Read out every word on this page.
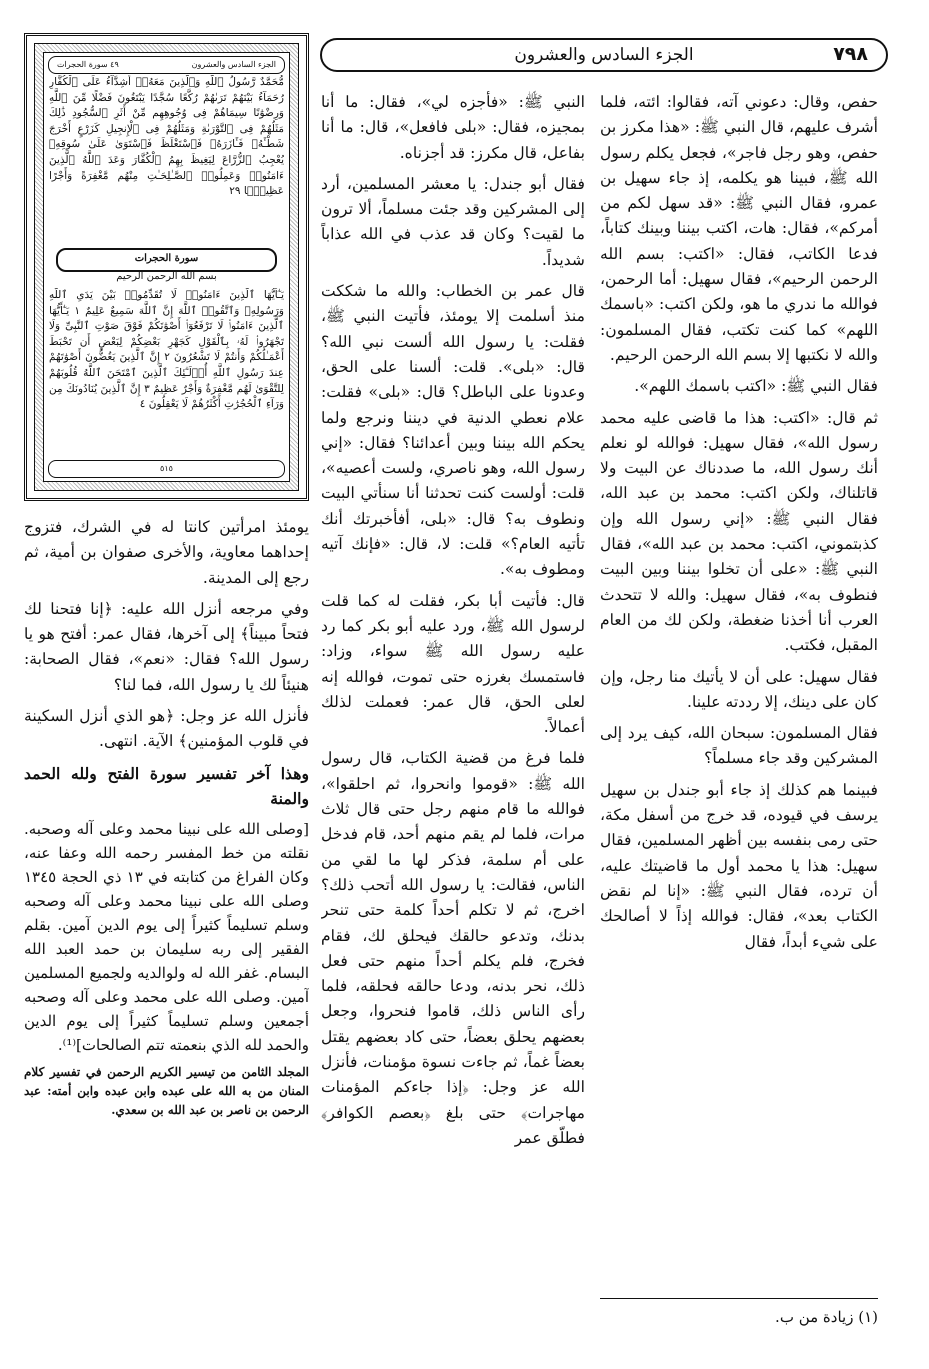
٧٩٨
الجزء السادس والعشرون
الجزء السادس والعشرون
٤٩ سورة الحجرات
مُّحَمَّدٌ رَّسُولُ ٱللَّهِ وَٱلَّذِينَ مَعَهُۥٓ أَشِدَّآءُ عَلَى ٱلْكُفَّارِ رُحَمَآءُ بَيْنَهُمْ تَرَىٰهُمْ رُكَّعًا سُجَّدًا يَبْتَغُونَ فَضْلًا مِّنَ ٱللَّهِ وَرِضْوَٰنًا سِيمَاهُمْ فِى وُجُوهِهِم مِّنْ أَثَرِ ٱلسُّجُودِ ذَٰلِكَ مَثَلُهُمْ فِى ٱلتَّوْرَىٰةِ وَمَثَلُهُمْ فِى ٱلْإِنجِيلِ كَزَرْعٍ أَخْرَجَ شَطْـَٔهُۥ فَـَٔازَرَهُۥ فَٱسْتَغْلَظَ فَٱسْتَوَىٰ عَلَىٰ سُوقِهِۦ يُعْجِبُ ٱلزُّرَّاعَ لِيَغِيظَ بِهِمُ ٱلْكُفَّارَ وَعَدَ ٱللَّهُ ٱلَّذِينَ ءَامَنُوا۟ وَعَمِلُوا۟ ٱلصَّـٰلِحَـٰتِ مِنْهُم مَّغْفِرَةً وَأَجْرًا عَظِيمًۢا ٢٩
سورة الحجرات
بسم الله الرحمن الرحيم
يَـٰٓأَيُّهَا ٱلَّذِينَ ءَامَنُوا۟ لَا تُقَدِّمُوا۟ بَيْنَ يَدَىِ ٱللَّهِ وَرَسُولِهِۦ وَٱتَّقُوا۟ ٱللَّهَ إِنَّ ٱللَّهَ سَمِيعٌ عَلِيمٌ ١ يَـٰٓأَيُّهَا ٱلَّذِينَ ءَامَنُوا۟ لَا تَرْفَعُوٓا۟ أَصْوَٰتَكُمْ فَوْقَ صَوْتِ ٱلنَّبِىِّ وَلَا تَجْهَرُوا۟ لَهُۥ بِٱلْقَوْلِ كَجَهْرِ بَعْضِكُمْ لِبَعْضٍ أَن تَحْبَطَ أَعْمَـٰلُكُمْ وَأَنتُمْ لَا تَشْعُرُونَ ٢ إِنَّ ٱلَّذِينَ يَغُضُّونَ أَصْوَٰتَهُمْ عِندَ رَسُولِ ٱللَّهِ أُو۟لَـٰٓئِكَ ٱلَّذِينَ ٱمْتَحَنَ ٱللَّهُ قُلُوبَهُمْ لِلتَّقْوَىٰ لَهُم مَّغْفِرَةٌ وَأَجْرٌ عَظِيمٌ ٣ إِنَّ ٱلَّذِينَ يُنَادُونَكَ مِن وَرَآءِ ٱلْحُجُرَٰتِ أَكْثَرُهُمْ لَا يَعْقِلُونَ ٤
٥١٥

حفص، وقال: دعوني آته، فقالوا: ائته، فلما أشرف عليهم، قال النبي ﷺ: «هذا مكرز بن حفص، وهو رجل فاجر»، فجعل يكلم رسول الله ﷺ، فبينا هو يكلمه، إذ جاء سهيل بن عمرو، فقال النبي ﷺ: «قد سهل لكم من أمركم»، فقال: هات، اكتب بيننا وبينك كتاباً، فدعا الكاتب، فقال: «اكتب: بسم الله الرحمن الرحيم»، فقال سهيل: أما الرحمن، فوالله ما ندري ما هو، ولكن اكتب: «باسمك اللهم» كما كنت تكتب، فقال المسلمون: والله لا نكتبها إلا بسم الله الرحمن الرحيم.

فقال النبي ﷺ: «اكتب باسمك اللهم».

ثم قال: «اكتب: هذا ما قاضى عليه محمد رسول الله»، فقال سهيل: فوالله لو نعلم أنك رسول الله، ما صددناك عن البيت ولا قاتلناك، ولكن اكتب: محمد بن عبد الله، فقال النبي ﷺ: «إني رسول الله وإن كذبتموني، اكتب: محمد بن عبد الله»، فقال النبي ﷺ: «على أن تخلوا بيننا وبين البيت فنطوف به»، فقال سهيل: والله لا تتحدث العرب أنا أخذنا ضغطة، ولكن لك من العام المقبل، فكتب.

فقال سهيل: على أن لا يأتيك منا رجل، وإن كان على دينك، إلا رددته علينا.

فقال المسلمون: سبحان الله، كيف يرد إلى المشركين وقد جاء مسلماً؟

فبينما هم كذلك إذ جاء أبو جندل بن سهيل يرسف في قيوده، قد خرج من أسفل مكة، حتى رمى بنفسه بين أظهر المسلمين، فقال سهيل: هذا يا محمد أول ما قاضيتك عليه، أن ترده، فقال النبي ﷺ: «إنا لم نقض الكتاب بعد»، فقال: فوالله إذاً لا أصالحك على شيء أبداً، فقال

النبي ﷺ: «فأجزه لي»، فقال: ما أنا بمجيزه، فقال: «بلى فافعل»، قال: ما أنا بفاعل، قال مكرز: قد أجزناه.

فقال أبو جندل: يا معشر المسلمين، أرد إلى المشركين وقد جئت مسلماً، ألا ترون ما لقيت؟ وكان قد عذب في الله عذاباً شديداً.

قال عمر بن الخطاب: والله ما شككت منذ أسلمت إلا يومئذ، فأتيت النبي ﷺ، فقلت: يا رسول الله ألست نبي الله؟ قال: «بلى». قلت: ألسنا على الحق، وعدونا على الباطل؟ قال: «بلى» فقلت: علام نعطي الدنية في ديننا ونرجع ولما يحكم الله بيننا وبين أعدائنا؟ فقال: «إني رسول الله، وهو ناصري، ولست أعصيه»، قلت: أولست كنت تحدثنا أنا سنأتي البيت ونطوف به؟ قال: «بلى، أفأخبرتك أنك تأتيه العام؟» قلت: لا، قال: «فإنك آتيه ومطوف به».

قال: فأتيت أبا بكر، فقلت له كما قلت لرسول الله ﷺ، ورد عليه أبو بكر كما رد عليه رسول الله ﷺ سواء، وزاد: فاستمسك بغرزه حتى تموت، فوالله إنه لعلى الحق، قال عمر: فعملت لذلك أعمالاً.

فلما فرغ من قضية الكتاب، قال رسول الله ﷺ: «قوموا وانحروا، ثم احلقوا»، فوالله ما قام منهم رجل حتى قال ثلاث مرات، فلما لم يقم منهم أحد، قام فدخل على أم سلمة، فذكر لها ما لقي من الناس، فقالت: يا رسول الله أتحب ذلك؟ اخرج، ثم لا تكلم أحداً كلمة حتى تنحر بدنك، وتدعو حالقك فيحلق لك، فقام فخرج، فلم يكلم أحداً منهم حتى فعل ذلك، نحر بدنه، ودعا حالقه فحلقه، فلما رأى الناس ذلك، قاموا فنحروا، وجعل بعضهم يحلق بعضاً، حتى كاد بعضهم يقتل بعضاً غماً، ثم جاءت نسوة مؤمنات، فأنزل الله عز وجل: ﴿إذا جاءكم المؤمنات مهاجرات﴾ حتى بلغ ﴿بعصم الكوافر﴾ فطلّق عمر

يومئذ امرأتين كانتا له في الشرك، فتزوج إحداهما معاوية، والأخرى صفوان بن أمية، ثم رجع إلى المدينة.

وفي مرجعه أنزل الله عليه: ﴿إنا فتحنا لك فتحاً مبيناً﴾ إلى آخرها، فقال عمر: أفتح هو يا رسول الله؟ فقال: «نعم»، فقال الصحابة: هنيئاً لك يا رسول الله، فما لنا؟

فأنزل الله عز وجل: ﴿هو الذي أنزل السكينة في قلوب المؤمنين﴾ الآية. انتهى.

وهذا آخر تفسير سورة الفتح ولله الحمد والمنة

[وصلى الله على نبينا محمد وعلى آله وصحبه. نقلته من خط المفسر رحمه الله وعفا عنه، وكان الفراغ من كتابته في ١٣ ذي الحجة ١٣٤٥ وصلى الله على نبينا محمد وعلى آله وصحبه وسلم تسليماً كثيراً إلى يوم الدين آمين. بقلم الفقير إلى ربه سليمان بن حمد العبد الله البسام. غفر الله له ولوالديه ولجميع المسلمين آمين. وصلى الله على محمد وعلى آله وصحبه أجمعين وسلم تسليماً كثيراً إلى يوم الدين والحمد لله الذي بنعمته تتم الصالحات]⁽¹⁾.

المجلد الثامن من تيسير الكريم الرحمن في تفسير كلام المنان من به الله على عبده وابن عبده وابن أمته: عبد الرحمن بن ناصر بن عبد الله بن سعدي.

(١) زيادة من ب.
